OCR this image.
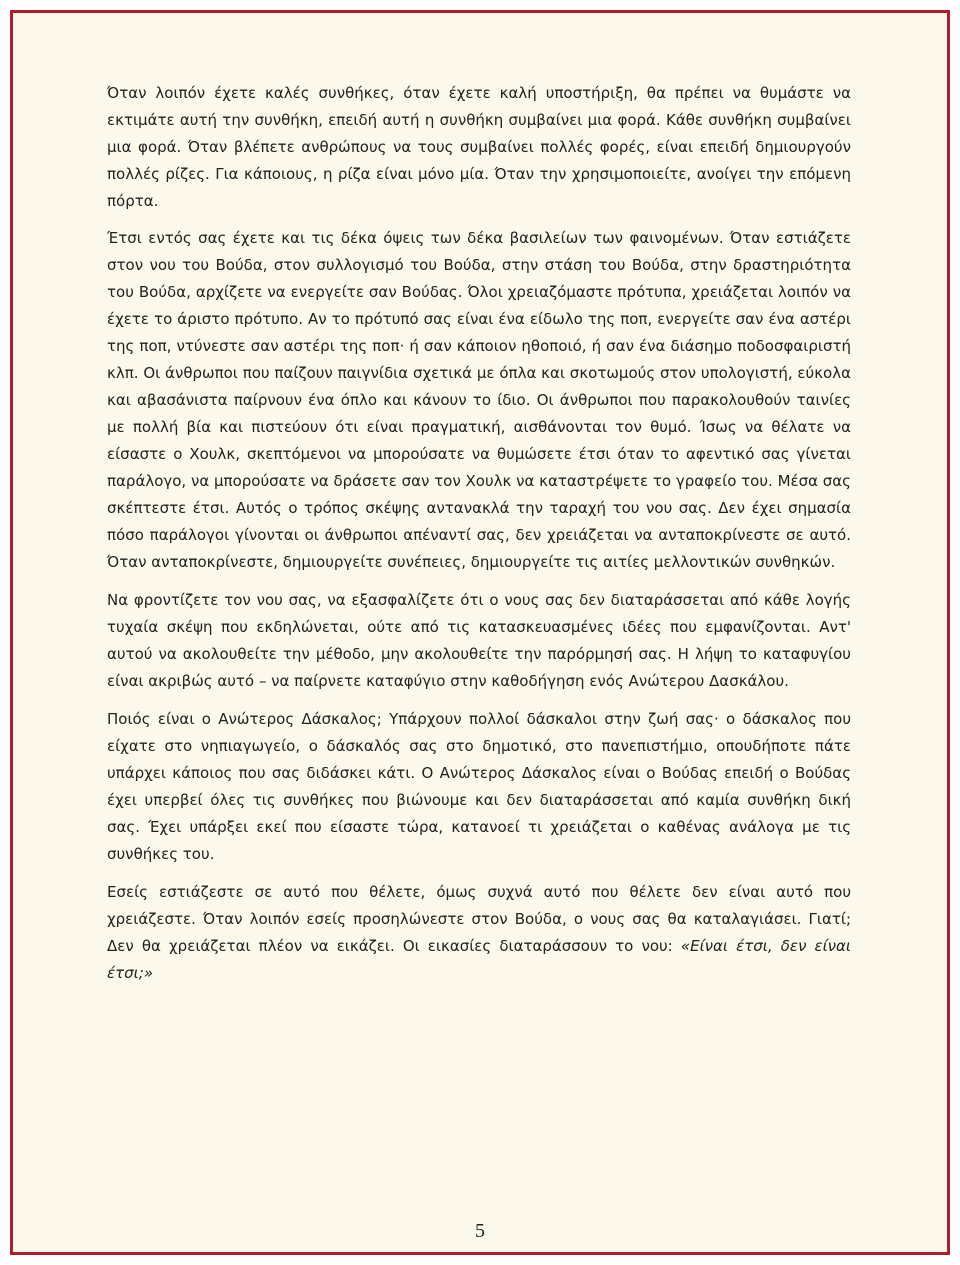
Όταν λοιπόν έχετε καλές συνθήκες, όταν έχετε καλή υποστήριξη, θα πρέπει να θυμάστε να εκτιμάτε αυτή την συνθήκη, επειδή αυτή η συνθήκη συμβαίνει μια φορά. Κάθε συνθήκη συμβαίνει μια φορά. Όταν βλέπετε ανθρώπους να τους συμβαίνει πολλές φορές, είναι επειδή δημιουργούν πολλές ρίζες. Για κάποιους, η ρίζα είναι μόνο μία. Όταν την χρησιμοποιείτε, ανοίγει την επόμενη πόρτα.

Έτσι εντός σας έχετε και τις δέκα όψεις των δέκα βασιλείων των φαινομένων. Όταν εστιάζετε στον νου του Βούδα, στον συλλογισμό του Βούδα, στην στάση του Βούδα, στην δραστηριότητα του Βούδα, αρχίζετε να ενεργείτε σαν Βούδας. Όλοι χρειαζόμαστε πρότυπα, χρειάζεται λοιπόν να έχετε το άριστο πρότυπο. Αν το πρότυπό σας είναι ένα είδωλο της ποπ, ενεργείτε σαν ένα αστέρι της ποπ, ντύνεστε σαν αστέρι της ποπ· ή σαν κάποιον ηθοποιό, ή σαν ένα διάσημο ποδοσφαιριστή κλπ. Οι άνθρωποι που παίζουν παιγνίδια σχετικά με όπλα και σκοτωμούς στον υπολογιστή, εύκολα και αβασάνιστα παίρνουν ένα όπλο και κάνουν το ίδιο. Οι άνθρωποι που παρακολουθούν ταινίες με πολλή βία και πιστεύουν ότι είναι πραγματική, αισθάνονται τον θυμό. Ίσως να θέλατε να είσαστε ο Χουλκ, σκεπτόμενοι να μπορούσατε να θυμώσετε έτσι όταν το αφεντικό σας γίνεται παράλογο, να μπορούσατε να δράσετε σαν τον Χουλκ να καταστρέψετε το γραφείο του. Μέσα σας σκέπτεστε έτσι. Αυτός ο τρόπος σκέψης αντανακλά την ταραχή του νου σας. Δεν έχει σημασία πόσο παράλογοι γίνονται οι άνθρωποι απέναντί σας, δεν χρειάζεται να ανταποκρίνεστε σε αυτό. Όταν ανταποκρίνεστε, δημιουργείτε συνέπειες, δημιουργείτε τις αιτίες μελλοντικών συνθηκών.

Να φροντίζετε τον νου σας, να εξασφαλίζετε ότι ο νους σας δεν διαταράσσεται από κάθε λογής τυχαία σκέψη που εκδηλώνεται, ούτε από τις κατασκευασμένες ιδέες που εμφανίζονται. Αντ' αυτού να ακολουθείτε την μέθοδο, μην ακολουθείτε την παρόρμησή σας. Η λήψη το καταφυγίου είναι ακριβώς αυτό – να παίρνετε καταφύγιο στην καθοδήγηση ενός Ανώτερου Δασκάλου.

Ποιός είναι ο Ανώτερος Δάσκαλος; Υπάρχουν πολλοί δάσκαλοι στην ζωή σας· ο δάσκαλος που είχατε στο νηπιαγωγείο, ο δάσκαλός σας στο δημοτικό, στο πανεπιστήμιο, οπουδήποτε πάτε υπάρχει κάποιος που σας διδάσκει κάτι. Ο Ανώτερος Δάσκαλος είναι ο Βούδας επειδή ο Βούδας έχει υπερβεί όλες τις συνθήκες που βιώνουμε και δεν διαταράσσεται από καμία συνθήκη δική σας. Έχει υπάρξει εκεί που είσαστε τώρα, κατανοεί τι χρειάζεται ο καθένας ανάλογα με τις συνθήκες του.

Εσείς εστιάζεστε σε αυτό που θέλετε, όμως συχνά αυτό που θέλετε δεν είναι αυτό που χρειάζεστε. Όταν λοιπόν εσείς προσηλώνεστε στον Βούδα, ο νους σας θα καταλαγιάσει. Γιατί; Δεν θα χρειάζεται πλέον να εικάζει. Οι εικασίες διαταράσσουν το νου: «Είναι έτσι, δεν είναι έτσι;»

5
